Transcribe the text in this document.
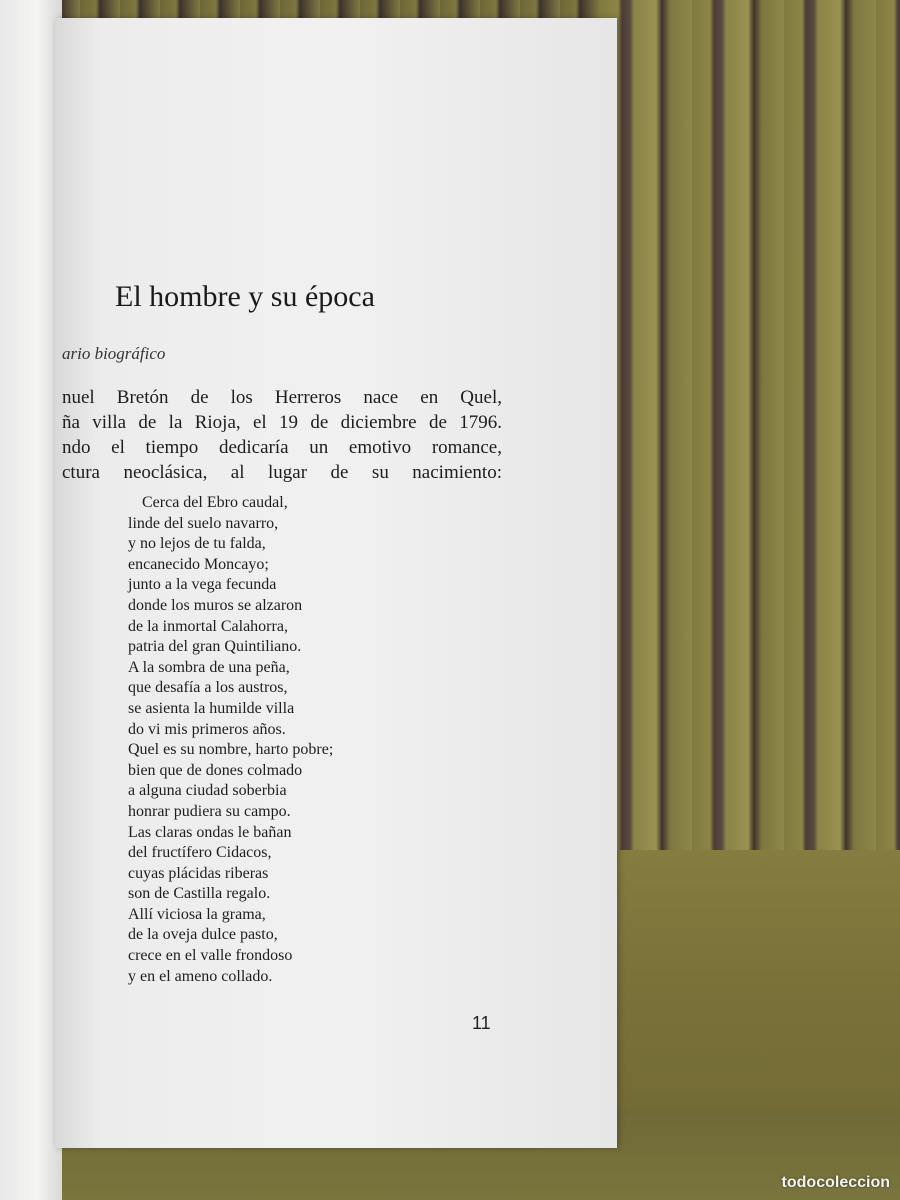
El hombre y su época
ario biográfico
nuel Bretón de los Herreros nace en Quel,
ña villa de la Rioja, el 19 de diciembre de 1796.
ndo el tiempo dedicaría un emotivo romance,
ctura neoclásica, al lugar de su nacimiento:
Cerca del Ebro caudal,
linde del suelo navarro,
y no lejos de tu falda,
encanecido Moncayo;
junto a la vega fecunda
donde los muros se alzaron
de la inmortal Calahorra,
patria del gran Quintiliano.
A la sombra de una peña,
que desafía a los austros,
se asienta la humilde villa
do vi mis primeros años.
Quel es su nombre, harto pobre;
bien que de dones colmado
a alguna ciudad soberbia
honrar pudiera su campo.
Las claras ondas le bañan
del fructífero Cidacos,
cuyas plácidas riberas
son de Castilla regalo.
Allí viciosa la grama,
de la oveja dulce pasto,
crece en el valle frondoso
y en el ameno collado.
11
todocoleccion
